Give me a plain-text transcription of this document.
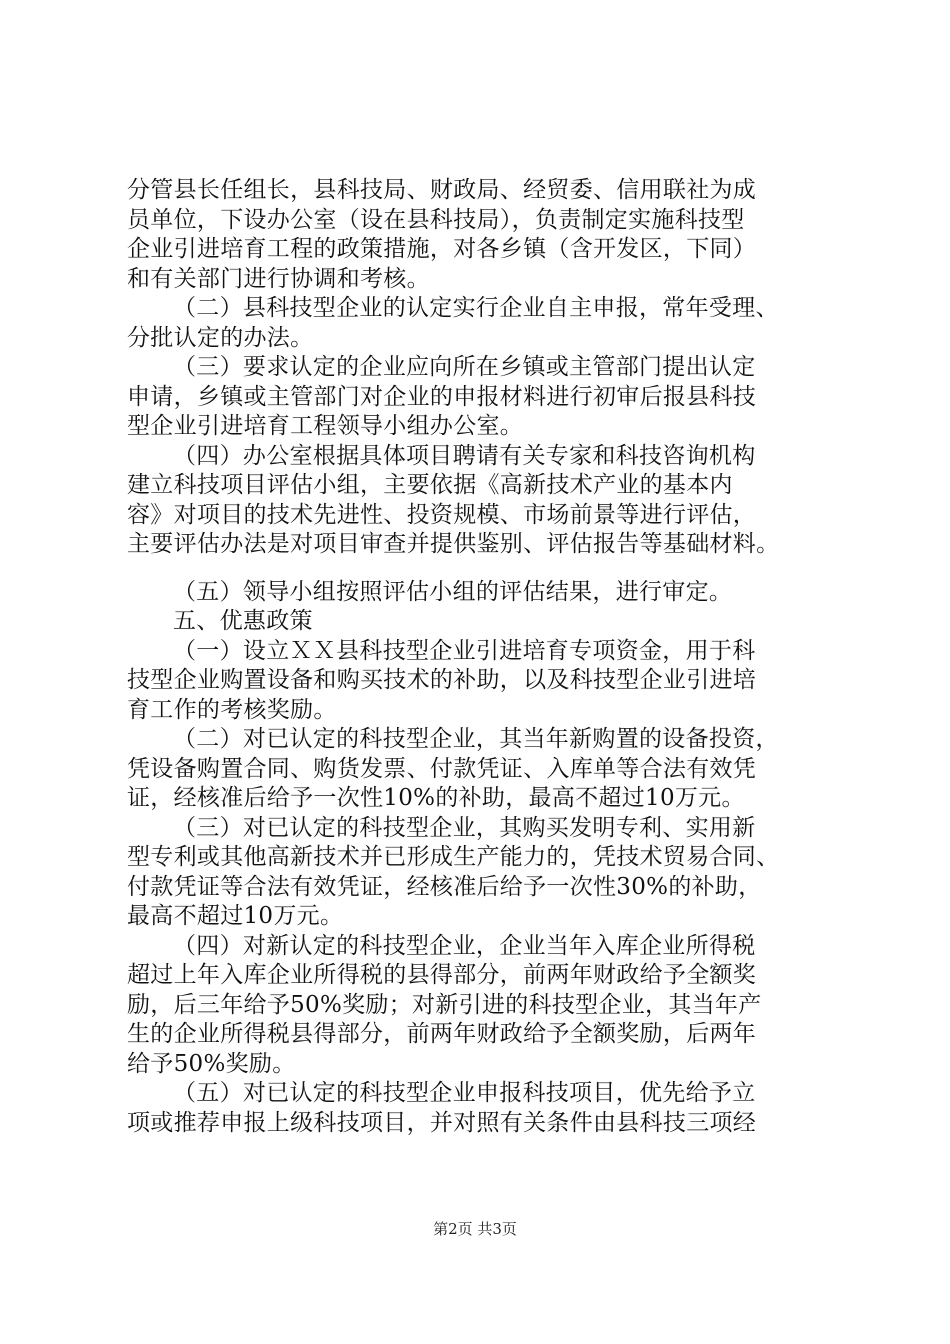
分管县长任组长，县科技局、财政局、经贸委、信用联社为成
员单位，下设办公室（设在县科技局），负责制定实施科技型
企业引进培育工程的政策措施，对各乡镇（含开发区，下同）
和有关部门进行协调和考核。
（二）县科技型企业的认定实行企业自主申报，常年受理、
分批认定的办法。
（三）要求认定的企业应向所在乡镇或主管部门提出认定
申请，乡镇或主管部门对企业的申报材料进行初审后报县科技
型企业引进培育工程领导小组办公室。
（四）办公室根据具体项目聘请有关专家和科技咨询机构
建立科技项目评估小组，主要依据《高新技术产业的基本内
容》对项目的技术先进性、投资规模、市场前景等进行评估，
主要评估办法是对项目审查并提供鉴别、评估报告等基础材料。
（五）领导小组按照评估小组的评估结果，进行审定。
五、优惠政策
（一）设立ＸＸ县科技型企业引进培育专项资金，用于科
技型企业购置设备和购买技术的补助，以及科技型企业引进培
育工作的考核奖励。
（二）对已认定的科技型企业，其当年新购置的设备投资，
凭设备购置合同、购货发票、付款凭证、入库单等合法有效凭
证，经核准后给予一次性10%的补助，最高不超过10万元。
（三）对已认定的科技型企业，其购买发明专利、实用新
型专利或其他高新技术并已形成生产能力的，凭技术贸易合同、
付款凭证等合法有效凭证，经核准后给予一次性30%的补助，
最高不超过10万元。
（四）对新认定的科技型企业，企业当年入库企业所得税
超过上年入库企业所得税的县得部分，前两年财政给予全额奖
励，后三年给予50%奖励；对新引进的科技型企业，其当年产
生的企业所得税县得部分，前两年财政给予全额奖励，后两年
给予50%奖励。
（五）对已认定的科技型企业申报科技项目，优先给予立
项或推荐申报上级科技项目，并对照有关条件由县科技三项经
第2页 共3页
